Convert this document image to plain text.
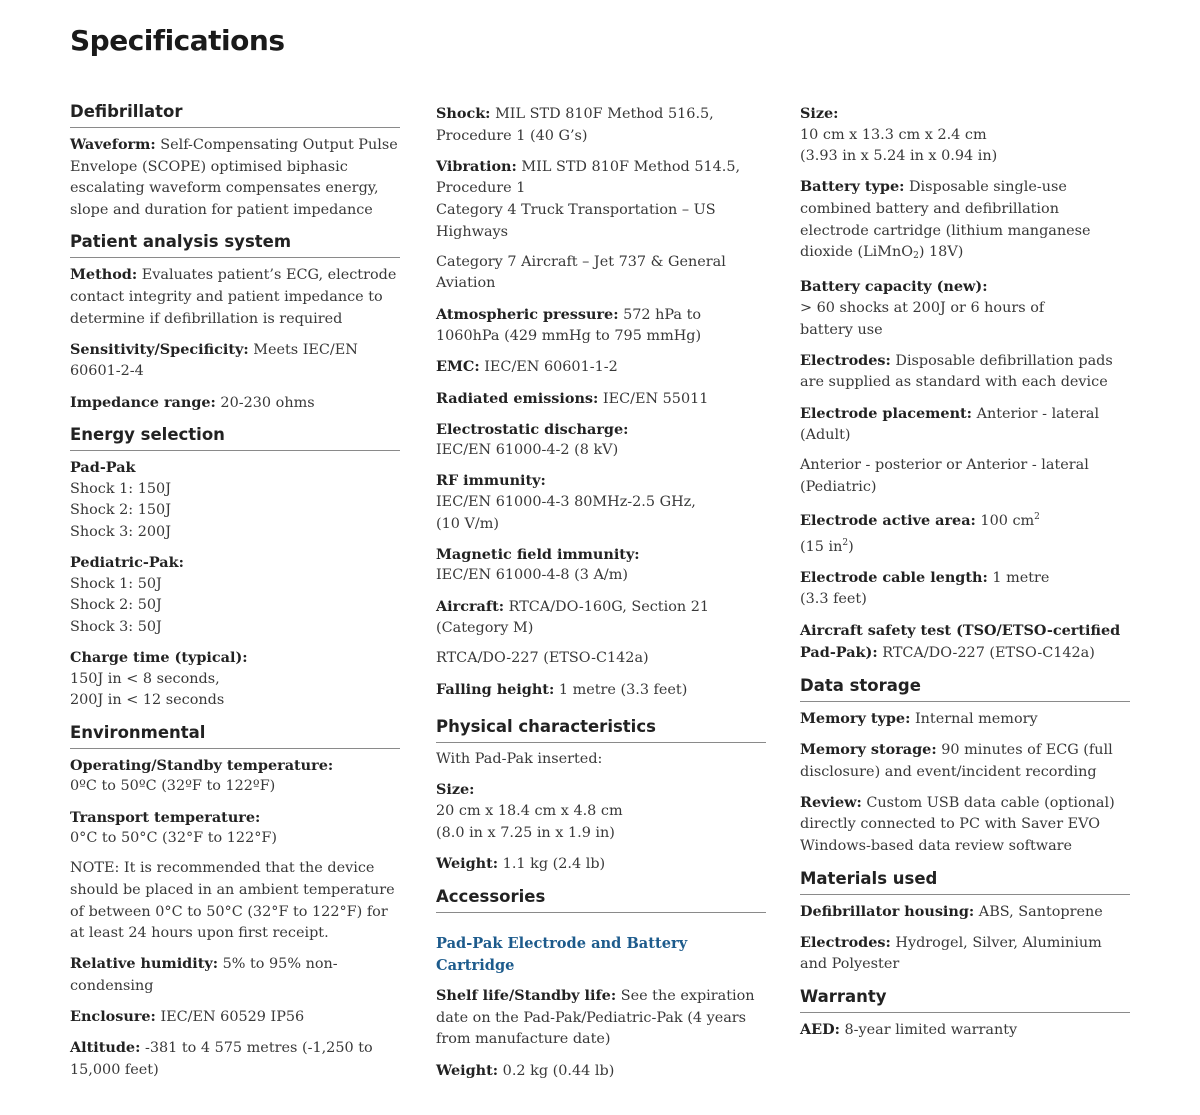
Specifications
Defibrillator

Waveform: Self-Compensating Output Pulse Envelope (SCOPE) optimised biphasic escalating waveform compensates energy, slope and duration for patient impedance

Patient analysis system

Method: Evaluates patient’s ECG, electrode contact integrity and patient impedance to determine if defibrillation is required

Sensitivity/Specificity: Meets IEC/EN 60601-2-4

Impedance range: 20-230 ohms

Energy selection

Pad-Pak
Shock 1: 150J
Shock 2: 150J
Shock 3: 200J

Pediatric-Pak:
Shock 1: 50J
Shock 2: 50J
Shock 3: 50J

Charge time (typical):
150J in < 8 seconds,
200J in < 12 seconds

Environmental

Operating/Standby temperature:
0ºC to 50ºC (32ºF to 122ºF)

Transport temperature:
0°C to 50°C (32°F to 122°F)

NOTE: It is recommended that the device should be placed in an ambient temperature of between 0°C to 50°C (32°F to 122°F) for at least 24 hours upon first receipt.

Relative humidity: 5% to 95% non-condensing

Enclosure: IEC/EN 60529 IP56

Altitude: -381 to 4 575 metres (-1,250 to 15,000 feet)

Shock: MIL STD 810F Method 516.5, Procedure 1 (40 G’s)

Vibration: MIL STD 810F Method 514.5, Procedure 1
Category 4 Truck Transportation – US Highways

Category 7 Aircraft – Jet 737 & General Aviation

Atmospheric pressure: 572 hPa to 1060hPa (429 mmHg to 795 mmHg)

EMC: IEC/EN 60601-1-2

Radiated emissions: IEC/EN 55011

Electrostatic discharge:
IEC/EN 61000-4-2 (8 kV)

RF immunity:
IEC/EN 61000-4-3 80MHz-2.5 GHz,
(10 V/m)

Magnetic field immunity:
IEC/EN 61000-4-8 (3 A/m)

Aircraft: RTCA/DO-160G, Section 21 (Category M)

RTCA/DO-227 (ETSO-C142a)

Falling height: 1 metre (3.3 feet)

Physical characteristics

With Pad-Pak inserted:

Size:
20 cm x 18.4 cm x 4.8 cm
(8.0 in x 7.25 in x 1.9 in)

Weight: 1.1 kg (2.4 lb)

Accessories
Pad-Pak Electrode and Battery Cartridge

Shelf life/Standby life: See the expiration date on the Pad-Pak/Pediatric-Pak (4 years from manufacture date)

Weight: 0.2 kg (0.44 lb)

Size:
10 cm x 13.3 cm x 2.4 cm
(3.93 in x 5.24 in x 0.94 in)

Battery type: Disposable single-use combined battery and defibrillation electrode cartridge (lithium manganese dioxide (LiMnO$_2$) 18V)

Battery capacity (new):
> 60 shocks at 200J or 6 hours of
battery use

Electrodes: Disposable defibrillation pads are supplied as standard with each device

Electrode placement: Anterior - lateral (Adult)

Anterior - posterior or Anterior - lateral (Pediatric)

Electrode active area: 100 $cm^2$
(15 $in^2$)

Electrode cable length: 1 metre
(3.3 feet)

Aircraft safety test (TSO/ETSO-certified Pad-Pak): RTCA/DO-227 (ETSO-C142a)

Data storage

Memory type: Internal memory

Memory storage: 90 minutes of ECG (full disclosure) and event/incident recording

Review: Custom USB data cable (optional) directly connected to PC with Saver EVO Windows-based data review software

Materials used

Defibrillator housing: ABS, Santoprene

Electrodes: Hydrogel, Silver, Aluminium and Polyester

Warranty

AED: 8-year limited warranty
